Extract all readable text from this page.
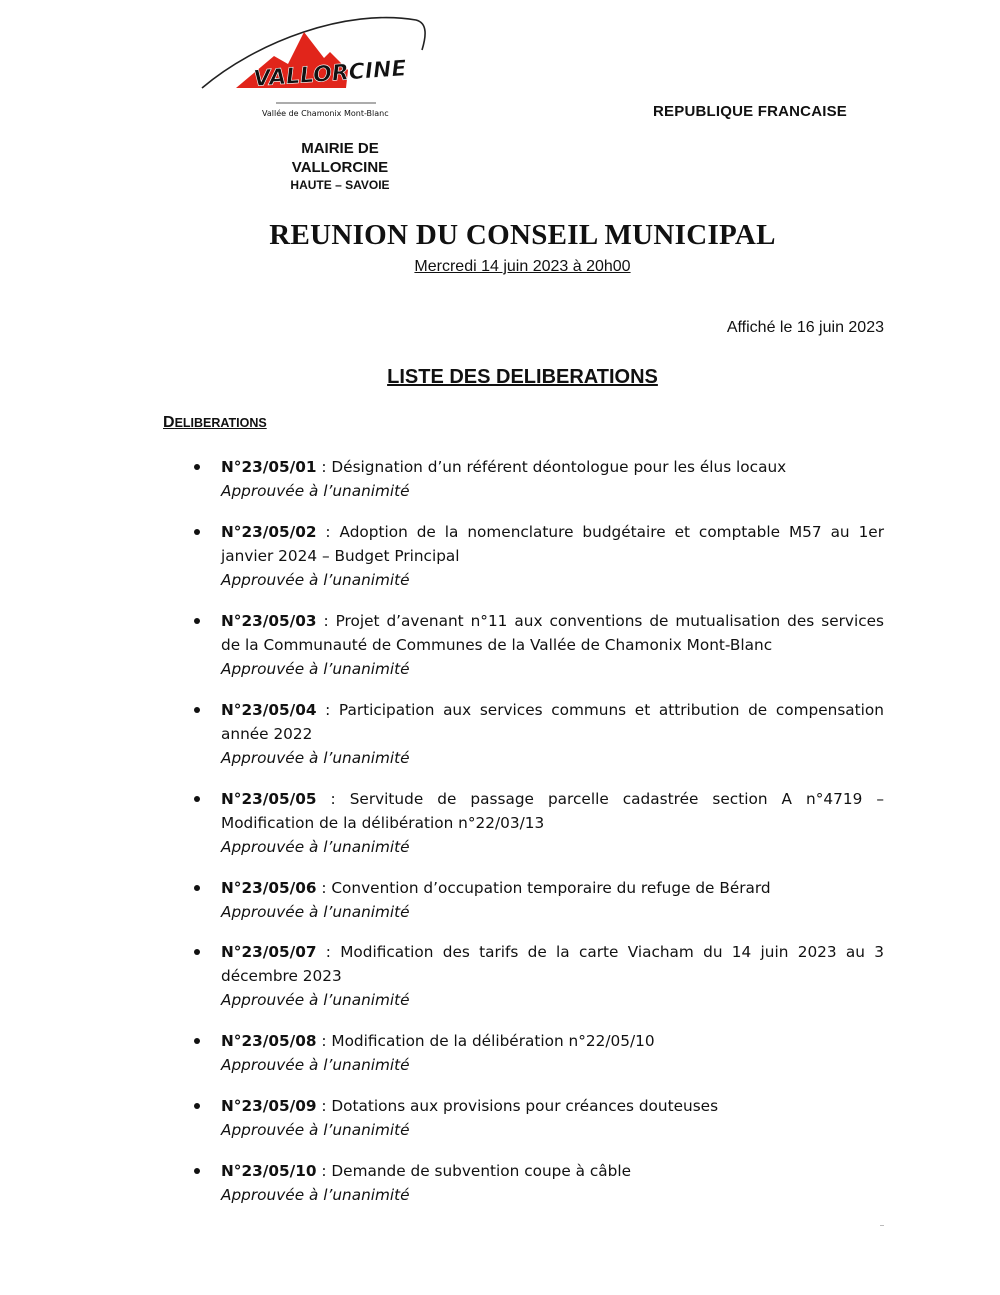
VALLORCINE
Vallée de Chamonix Mont-Blanc	REPUBLIQUE FRANCAISE
MAIRIE DE
VALLORCINE
HAUTE – SAVOIE
REUNION DU CONSEIL MUNICIPAL
Mercredi 14 juin 2023 à 20h00
Affiché le 16 juin 2023
LISTE DES DELIBERATIONS
DELIBERATIONS
N°23/05/01 : Désignation d’un référent déontologue pour les élus locaux
Approuvée à l’unanimité
N°23/05/02 : Adoption de la nomenclature budgétaire et comptable M57 au 1er janvier 2024 – Budget Principal
Approuvée à l’unanimité
N°23/05/03 : Projet d’avenant n°11 aux conventions de mutualisation des services de la Communauté de Communes de la Vallée de Chamonix Mont-Blanc
Approuvée à l’unanimité
N°23/05/04 : Participation aux services communs et attribution de compensation année 2022
Approuvée à l’unanimité
N°23/05/05 : Servitude de passage parcelle cadastrée section A n°4719 – Modification de la délibération n°22/03/13
Approuvée à l’unanimité
N°23/05/06 : Convention d’occupation temporaire du refuge de Bérard
Approuvée à l’unanimité
N°23/05/07 : Modification des tarifs de la carte Viacham du 14 juin 2023 au 3 décembre 2023
Approuvée à l’unanimité
N°23/05/08 : Modification de la délibération n°22/05/10
Approuvée à l’unanimité
N°23/05/09 : Dotations aux provisions pour créances douteuses
Approuvée à l’unanimité
N°23/05/10 : Demande de subvention coupe à câble
Approuvée à l’unanimité
